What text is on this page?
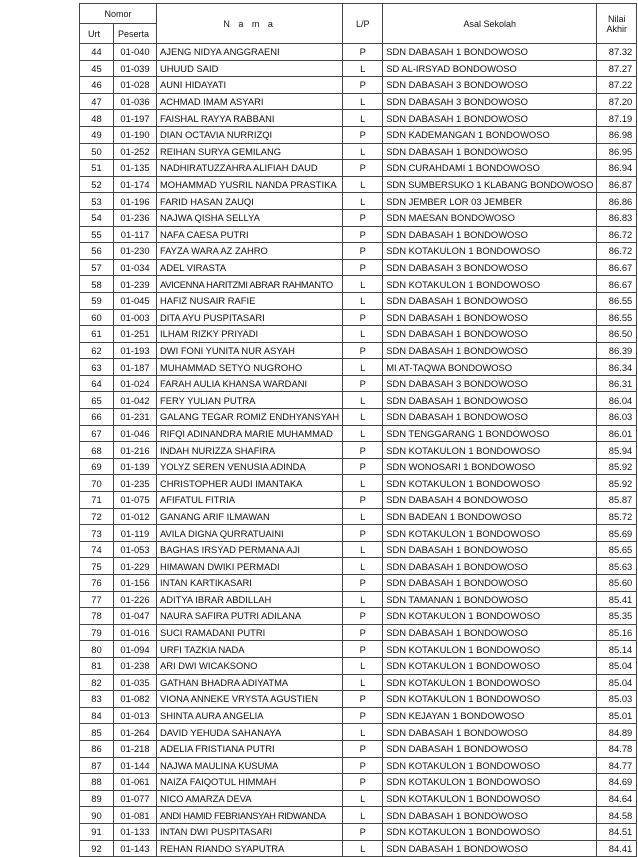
Nomor		N a m a	L/P	Asal Sekolah	Nilai
Akhir
Urt	Peserta				
44	01-040	AJENG NIDYA ANGGRAENI	P	SDN DABASAH 1 BONDOWOSO	87.32
45	01-039	UHUUD SAID	L	SD AL-IRSYAD BONDOWOSO	87.27
46	01-028	AUNI HIDAYATI	P	SDN DABASAH 3 BONDOWOSO	87.22
47	01-036	ACHMAD IMAM ASYARI	L	SDN DABASAH 3 BONDOWOSO	87.20
48	01-197	FAISHAL RAYYA RABBANI	L	SDN DABASAH 1 BONDOWOSO	87.19
49	01-190	DIAN OCTAVIA NURRIZQI	P	SDN KADEMANGAN 1 BONDOWOSO	86.98
50	01-252	REIHAN SURYA GEMILANG	L	SDN DABASAH 1 BONDOWOSO	86.95
51	01-135	NADHIRATUZZAHRA ALIFIAH DAUD	P	SDN CURAHDAMI 1 BONDOWOSO	86.94
52	01-174	MOHAMMAD YUSRIL NANDA PRASTIKA	L	SDN SUMBERSUKO 1 KLABANG BONDOWOSO	86.87
53	01-196	FARID HASAN ZAUQI	L	SDN JEMBER LOR 03 JEMBER	86.86
54	01-236	NAJWA QISHA SELLYA	P	SDN MAESAN BONDOWOSO	86.83
55	01-117	NAFA CAESA PUTRI	P	SDN DABASAH 1 BONDOWOSO	86.72
56	01-230	FAYZA WARA AZ ZAHRO	P	SDN KOTAKULON 1 BONDOWOSO	86.72
57	01-034	ADEL VIRASTA	P	SDN DABASAH 3 BONDOWOSO	86.67
58	01-239	AVICENNA HARITZMI ABRAR RAHMANTO	L	SDN KOTAKULON 1 BONDOWOSO	86.67
59	01-045	HAFIZ NUSAIR RAFIE	L	SDN DABASAH 1 BONDOWOSO	86.55
60	01-003	DITA AYU PUSPITASARI	P	SDN DABASAH 1 BONDOWOSO	86.55
61	01-251	ILHAM RIZKY PRIYADI	L	SDN DABASAH 1 BONDOWOSO	86.50
62	01-193	DWI FONI YUNITA NUR ASYAH	P	SDN DABASAH 1 BONDOWOSO	86.39
63	01-187	MUHAMMAD SETYO NUGROHO	L	MI AT-TAQWA BONDOWOSO	86.34
64	01-024	FARAH AULIA KHANSA WARDANI	P	SDN DABASAH 3 BONDOWOSO	86.31
65	01-042	FERY YULIAN PUTRA	L	SDN DABASAH 1 BONDOWOSO	86.04
66	01-231	GALANG TEGAR ROMIZ ENDHYANSYAH	L	SDN DABASAH 1 BONDOWOSO	86.03
67	01-046	RIFQI ADINANDRA MARIE MUHAMMAD	L	SDN TENGGARANG 1 BONDOWOSO	86.01
68	01-216	INDAH NURIZZA SHAFIRA	P	SDN KOTAKULON 1 BONDOWOSO	85.94
69	01-139	YOLYZ SEREN VENUSIA ADINDA	P	SDN WONOSARI 1 BONDOWOSO	85.92
70	01-235	CHRISTOPHER AUDI IMANTAKA	L	SDN KOTAKULON 1 BONDOWOSO	85.92
71	01-075	AFIFATUL FITRIA	P	SDN DABASAH 4 BONDOWOSO	85.87
72	01-012	GANANG ARIF ILMAWAN	L	SDN BADEAN 1 BONDOWOSO	85.72
73	01-119	AVILA DIGNA QURRATUAINI	P	SDN KOTAKULON 1 BONDOWOSO	85.69
74	01-053	BAGHAS IRSYAD PERMANA AJI	L	SDN DABASAH 1 BONDOWOSO	85.65
75	01-229	HIMAWAN DWIKI PERMADI	L	SDN DABASAH 1 BONDOWOSO	85.63
76	01-156	INTAN KARTIKASARI	P	SDN DABASAH 1 BONDOWOSO	85.60
77	01-226	ADITYA IBRAR ABDILLAH	L	SDN TAMANAN 1 BONDOWOSO	85.41
78	01-047	NAURA SAFIRA PUTRI ADILANA	P	SDN KOTAKULON 1 BONDOWOSO	85.35
79	01-016	SUCI RAMADANI PUTRI	P	SDN DABASAH 1 BONDOWOSO	85.16
80	01-094	URFI TAZKIA NADA	P	SDN KOTAKULON 1 BONDOWOSO	85.14
81	01-238	ARI DWI WICAKSONO	L	SDN KOTAKULON 1 BONDOWOSO	85.04
82	01-035	GATHAN BHADRA ADIYATMA	L	SDN KOTAKULON 1 BONDOWOSO	85.04
83	01-082	VIONA ANNEKE VRYSTA AGUSTIEN	P	SDN KOTAKULON 1 BONDOWOSO	85.03
84	01-013	SHINTA AURA ANGELIA	P	SDN KEJAYAN 1 BONDOWOSO	85.01
85	01-264	DAVID YEHUDA SAHANAYA	L	SDN DABASAH 1 BONDOWOSO	84.89
86	01-218	ADELIA FRISTIANA PUTRI	P	SDN DABASAH 1 BONDOWOSO	84.78
87	01-144	NAJWA MAULINA KUSUMA	P	SDN KOTAKULON 1 BONDOWOSO	84.77
88	01-061	NAIZA FAIQOTUL HIMMAH	P	SDN KOTAKULON 1 BONDOWOSO	84.69
89	01-077	NICO AMARZA DEVA	L	SDN KOTAKULON 1 BONDOWOSO	84.64
90	01-081	ANDI HAMID FEBRIANSYAH RIDWANDA	L	SDN DABASAH 1 BONDOWOSO	84.58
91	01-133	INTAN DWI PUSPITASARI	P	SDN KOTAKULON 1 BONDOWOSO	84.51
92	01-143	REHAN RIANDO SYAPUTRA	L	SDN DABASAH 1 BONDOWOSO	84.41
